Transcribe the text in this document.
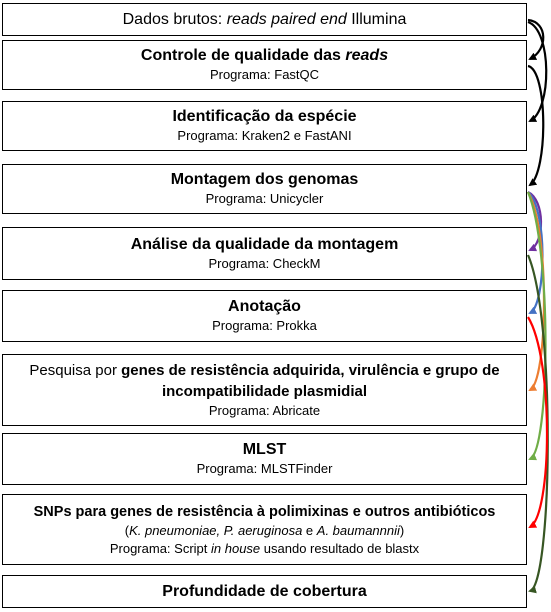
Dados brutos: reads paired end Illumina
Controle de qualidade das reads
Programa: FastQC
Identificação da espécie
Programa: Kraken2 e FastANI
Montagem dos genomas
Programa: Unicycler
Análise da qualidade da montagem
Programa: CheckM
Anotação
Programa: Prokka
Pesquisa por genes de resistência adquirida, virulência e grupo de
incompatibilidade plasmidial
Programa: Abricate
MLST
Programa: MLSTFinder
SNPs para genes de resistência à polimixinas e outros antibióticos
(K. pneumoniae, P. aeruginosa e A. baumannnii)
Programa: Script in house usando resultado de blastx
Profundidade de cobertura
